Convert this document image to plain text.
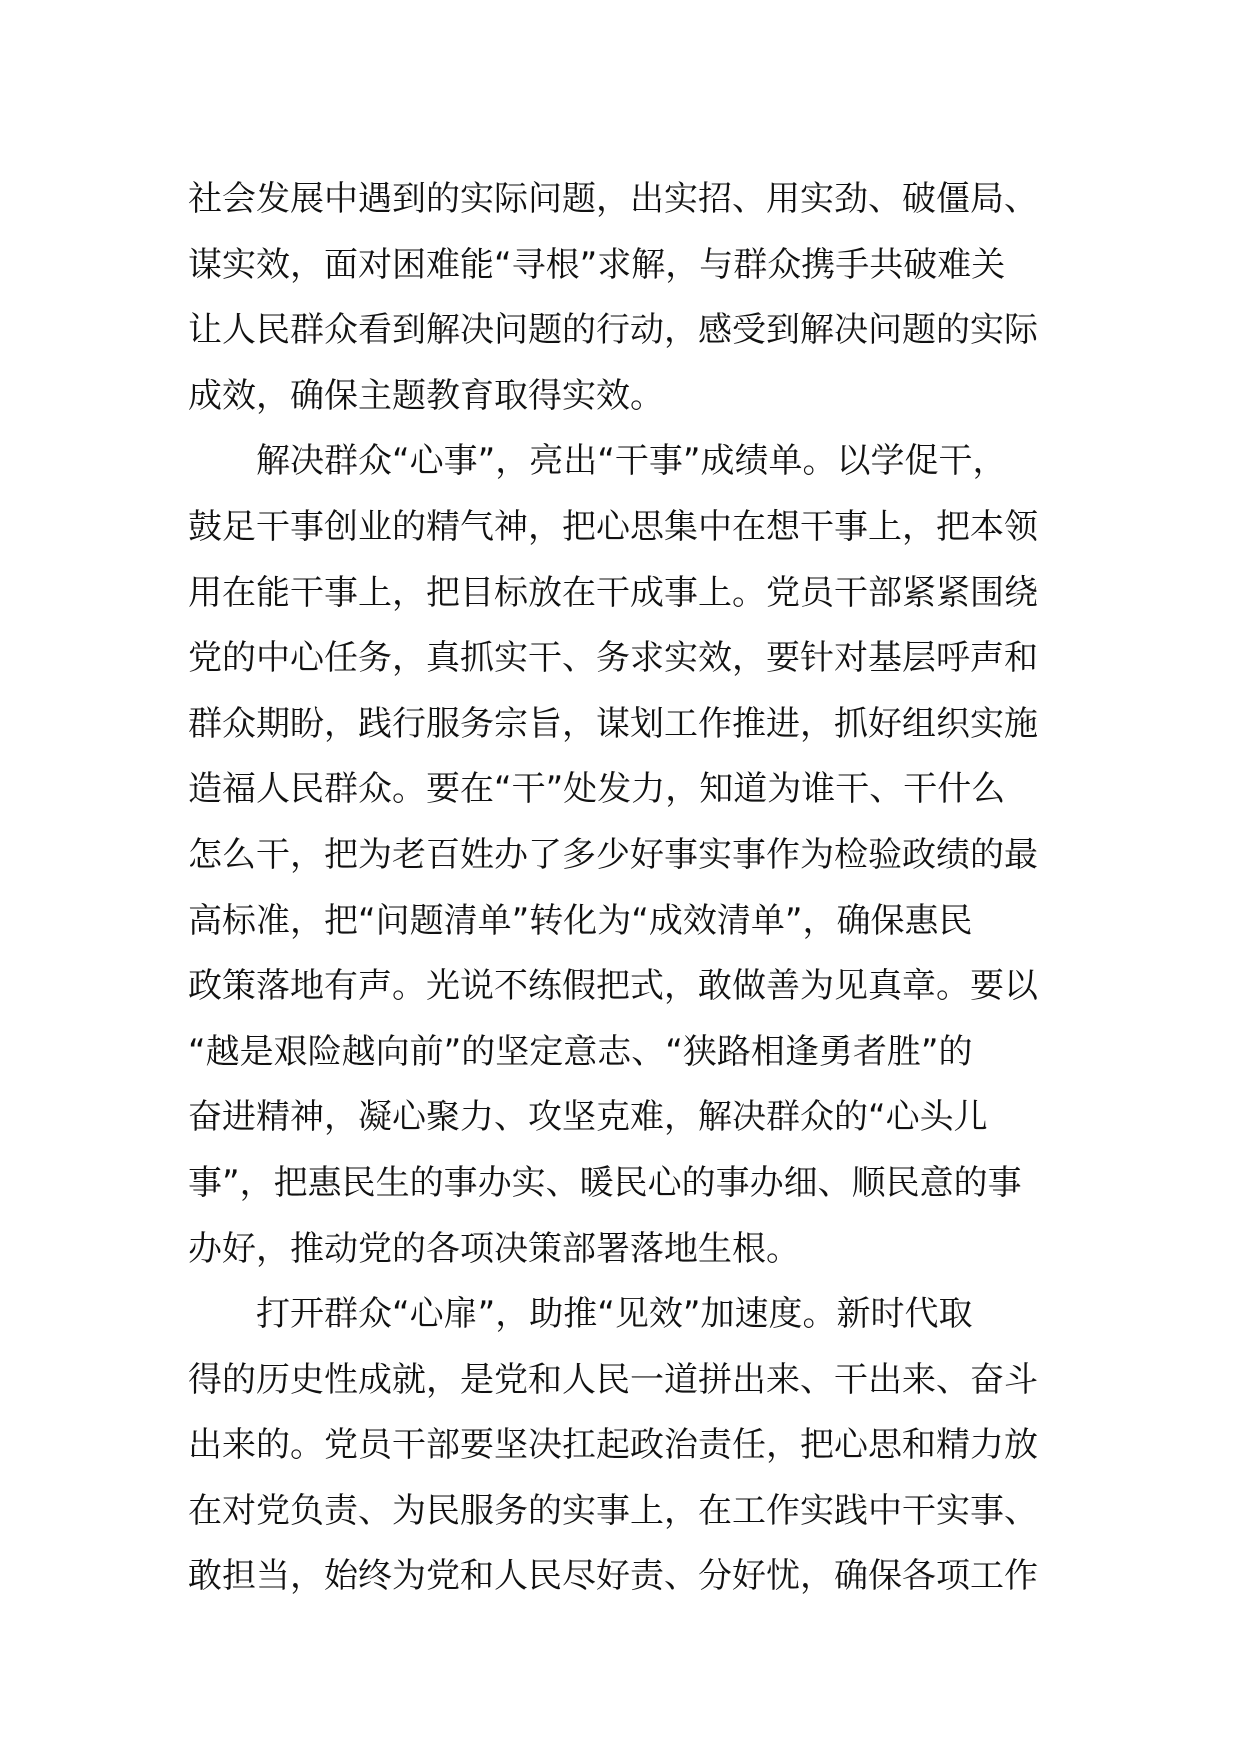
社会发展中遇到的实际问题，出实招、用实劲、破僵局、
谋实效，面对困难能“寻根”求解，与群众携手共破难关
让人民群众看到解决问题的行动，感受到解决问题的实际
成效，确保主题教育取得实效。
解决群众“心事”，亮出“干事”成绩单。以学促干，
鼓足干事创业的精气神，把心思集中在想干事上，把本领
用在能干事上，把目标放在干成事上。党员干部紧紧围绕
党的中心任务，真抓实干、务求实效，要针对基层呼声和
群众期盼，践行服务宗旨，谋划工作推进，抓好组织实施
造福人民群众。要在“干”处发力，知道为谁干、干什么
怎么干，把为老百姓办了多少好事实事作为检验政绩的最
高标准，把“问题清单”转化为“成效清单”，确保惠民
政策落地有声。光说不练假把式，敢做善为见真章。要以
“越是艰险越向前”的坚定意志、“狭路相逢勇者胜”的
奋进精神，凝心聚力、攻坚克难，解决群众的“心头儿
事”，把惠民生的事办实、暖民心的事办细、顺民意的事
办好，推动党的各项决策部署落地生根。
打开群众“心扉”，助推“见效”加速度。新时代取
得的历史性成就，是党和人民一道拼出来、干出来、奋斗
出来的。党员干部要坚决扛起政治责任，把心思和精力放
在对党负责、为民服务的实事上，在工作实践中干实事、
敢担当，始终为党和人民尽好责、分好忧，确保各项工作
